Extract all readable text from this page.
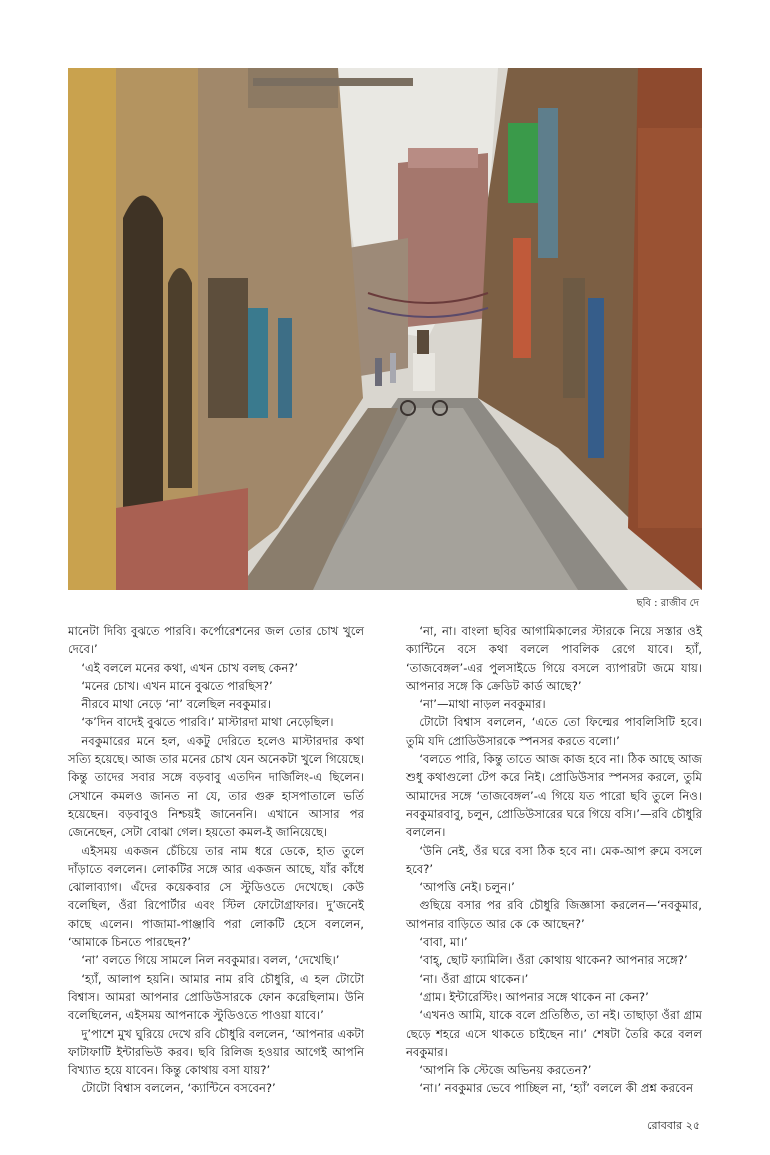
ছবি : রাজীব দে

মানেটা দিব্যি বুঝতে পারবি। কর্পোরেশনের জল তোর চোখ খুলে দেবে।’

‘এই বললে মনের কথা, এখন চোখ বলছ কেন?’

‘মনের চোখ। এখন মানে বুঝতে পারছিস?’

নীরবে মাথা নেড়ে ‘না’ বলেছিল নবকুমার।

‘ক’দিন বাদেই বুঝতে পারবি।’ মাস্টারদা মাথা নেড়েছিল।

নবকুমারের মনে হল, একটু দেরিতে হলেও মাস্টারদার কথা সত্যি হয়েছে। আজ তার মনের চোখ যেন অনেকটা খুলে গিয়েছে। কিন্তু তাদের সবার সঙ্গে বড়বাবু এতদিন দার্জিলিং-এ ছিলেন। সেখানে কমলও জানত না যে, তার গুরু হাসপাতালে ভর্তি হয়েছেন। বড়বাবুও নিশ্চয়ই জানেননি। এখানে আসার পর জেনেছেন, সেটা বোঝা গেল। হয়তো কমল-ই জানিয়েছে।

এইসময় একজন চেঁচিয়ে তার নাম ধরে ডেকে, হাত তুলে দাঁড়াতে বললেন। লোকটির সঙ্গে আর একজন আছে, যাঁর কাঁধে ঝোলাব্যাগ। এঁদের কয়েকবার সে স্টুডিওতে দেখেছে। কেউ বলেছিল, ওঁরা রিপোর্টার এবং স্টিল ফোটোগ্রাফার। দু’জনেই কাছে এলেন। পাজামা-পাঞ্জাবি পরা লোকটি হেসে বললেন, ‘আমাকে চিনতে পারছেন?’

‘না’ বলতে গিয়ে সামলে নিল নবকুমার। বলল, ‘দেখেছি।’

‘হ্যাঁ, আলাপ হয়নি। আমার নাম রবি চৌধুরি, এ হল টোটো বিশ্বাস। আমরা আপনার প্রোডিউসারকে ফোন করেছিলাম। উনি বলেছিলেন, এইসময় আপনাকে স্টুডিওতে পাওয়া যাবে।’

দু’পাশে মুখ ঘুরিয়ে দেখে রবি চৌধুরি বললেন, ‘আপনার একটা ফাটাফাটি ইন্টারভিউ করব। ছবি রিলিজ হওয়ার আগেই আপনি বিখ্যাত হয়ে যাবেন। কিন্তু কোথায় বসা যায়?’

টোটো বিশ্বাস বললেন, ‘ক্যান্টিনে বসবেন?’

‘না, না। বাংলা ছবির আগামিকালের স্টারকে নিয়ে সস্তার ওই ক্যান্টিনে বসে কথা বললে পাবলিক রেগে যাবে। হ্যাঁ, ‘তাজবেঙ্গল’-এর পুলসাইডে গিয়ে বসলে ব্যাপারটা জমে যায়। আপনার সঙ্গে কি ক্রেডিট কার্ড আছে?’

‘না’—মাথা নাড়ল নবকুমার।

টোটো বিশ্বাস বললেন, ‘এতে তো ফিল্মের পাবলিসিটি হবে। তুমি যদি প্রোডিউসারকে স্পনসর করতে বলো।’

‘বলতে পারি, কিন্তু তাতে আজ কাজ হবে না। ঠিক আছে আজ শুধু কথাগুলো টেপ করে নিই। প্রোডিউসার স্পনসর করলে, তুমি আমাদের সঙ্গে ‘তাজবেঙ্গল’-এ গিয়ে যত পারো ছবি তুলে নিও। নবকুমারবাবু, চলুন, প্রোডিউসারের ঘরে গিয়ে বসি।’—রবি চৌধুরি বললেন।

‘উনি নেই, ওঁর ঘরে বসা ঠিক হবে না। মেক-আপ রুমে বসলে হবে?’

‘আপত্তি নেই। চলুন।’

গুছিয়ে বসার পর রবি চৌধুরি জিজ্ঞাসা করলেন—‘নবকুমার, আপনার বাড়িতে আর কে কে আছেন?’

‘বাবা, মা।’

‘বাহ্‌, ছোট ফ্যামিলি। ওঁরা কোথায় থাকেন? আপনার সঙ্গে?’

‘না। ওঁরা গ্রামে থাকেন।’

‘গ্রাম। ইন্টারেস্টিং। আপনার সঙ্গে থাকেন না কেন?’

‘এখনও আমি, যাকে বলে প্রতিষ্ঠিত, তা নই। তাছাড়া ওঁরা গ্রাম ছেড়ে শহরে এসে থাকতে চাইছেন না।’ শেষটা তৈরি করে বলল নবকুমার।

‘আপনি কি স্টেজে অভিনয় করতেন?’

‘না।’ নবকুমার ভেবে পাচ্ছিল না, ‘হ্যাঁ’ বললে কী প্রশ্ন করবেন

রোববার ২৫
